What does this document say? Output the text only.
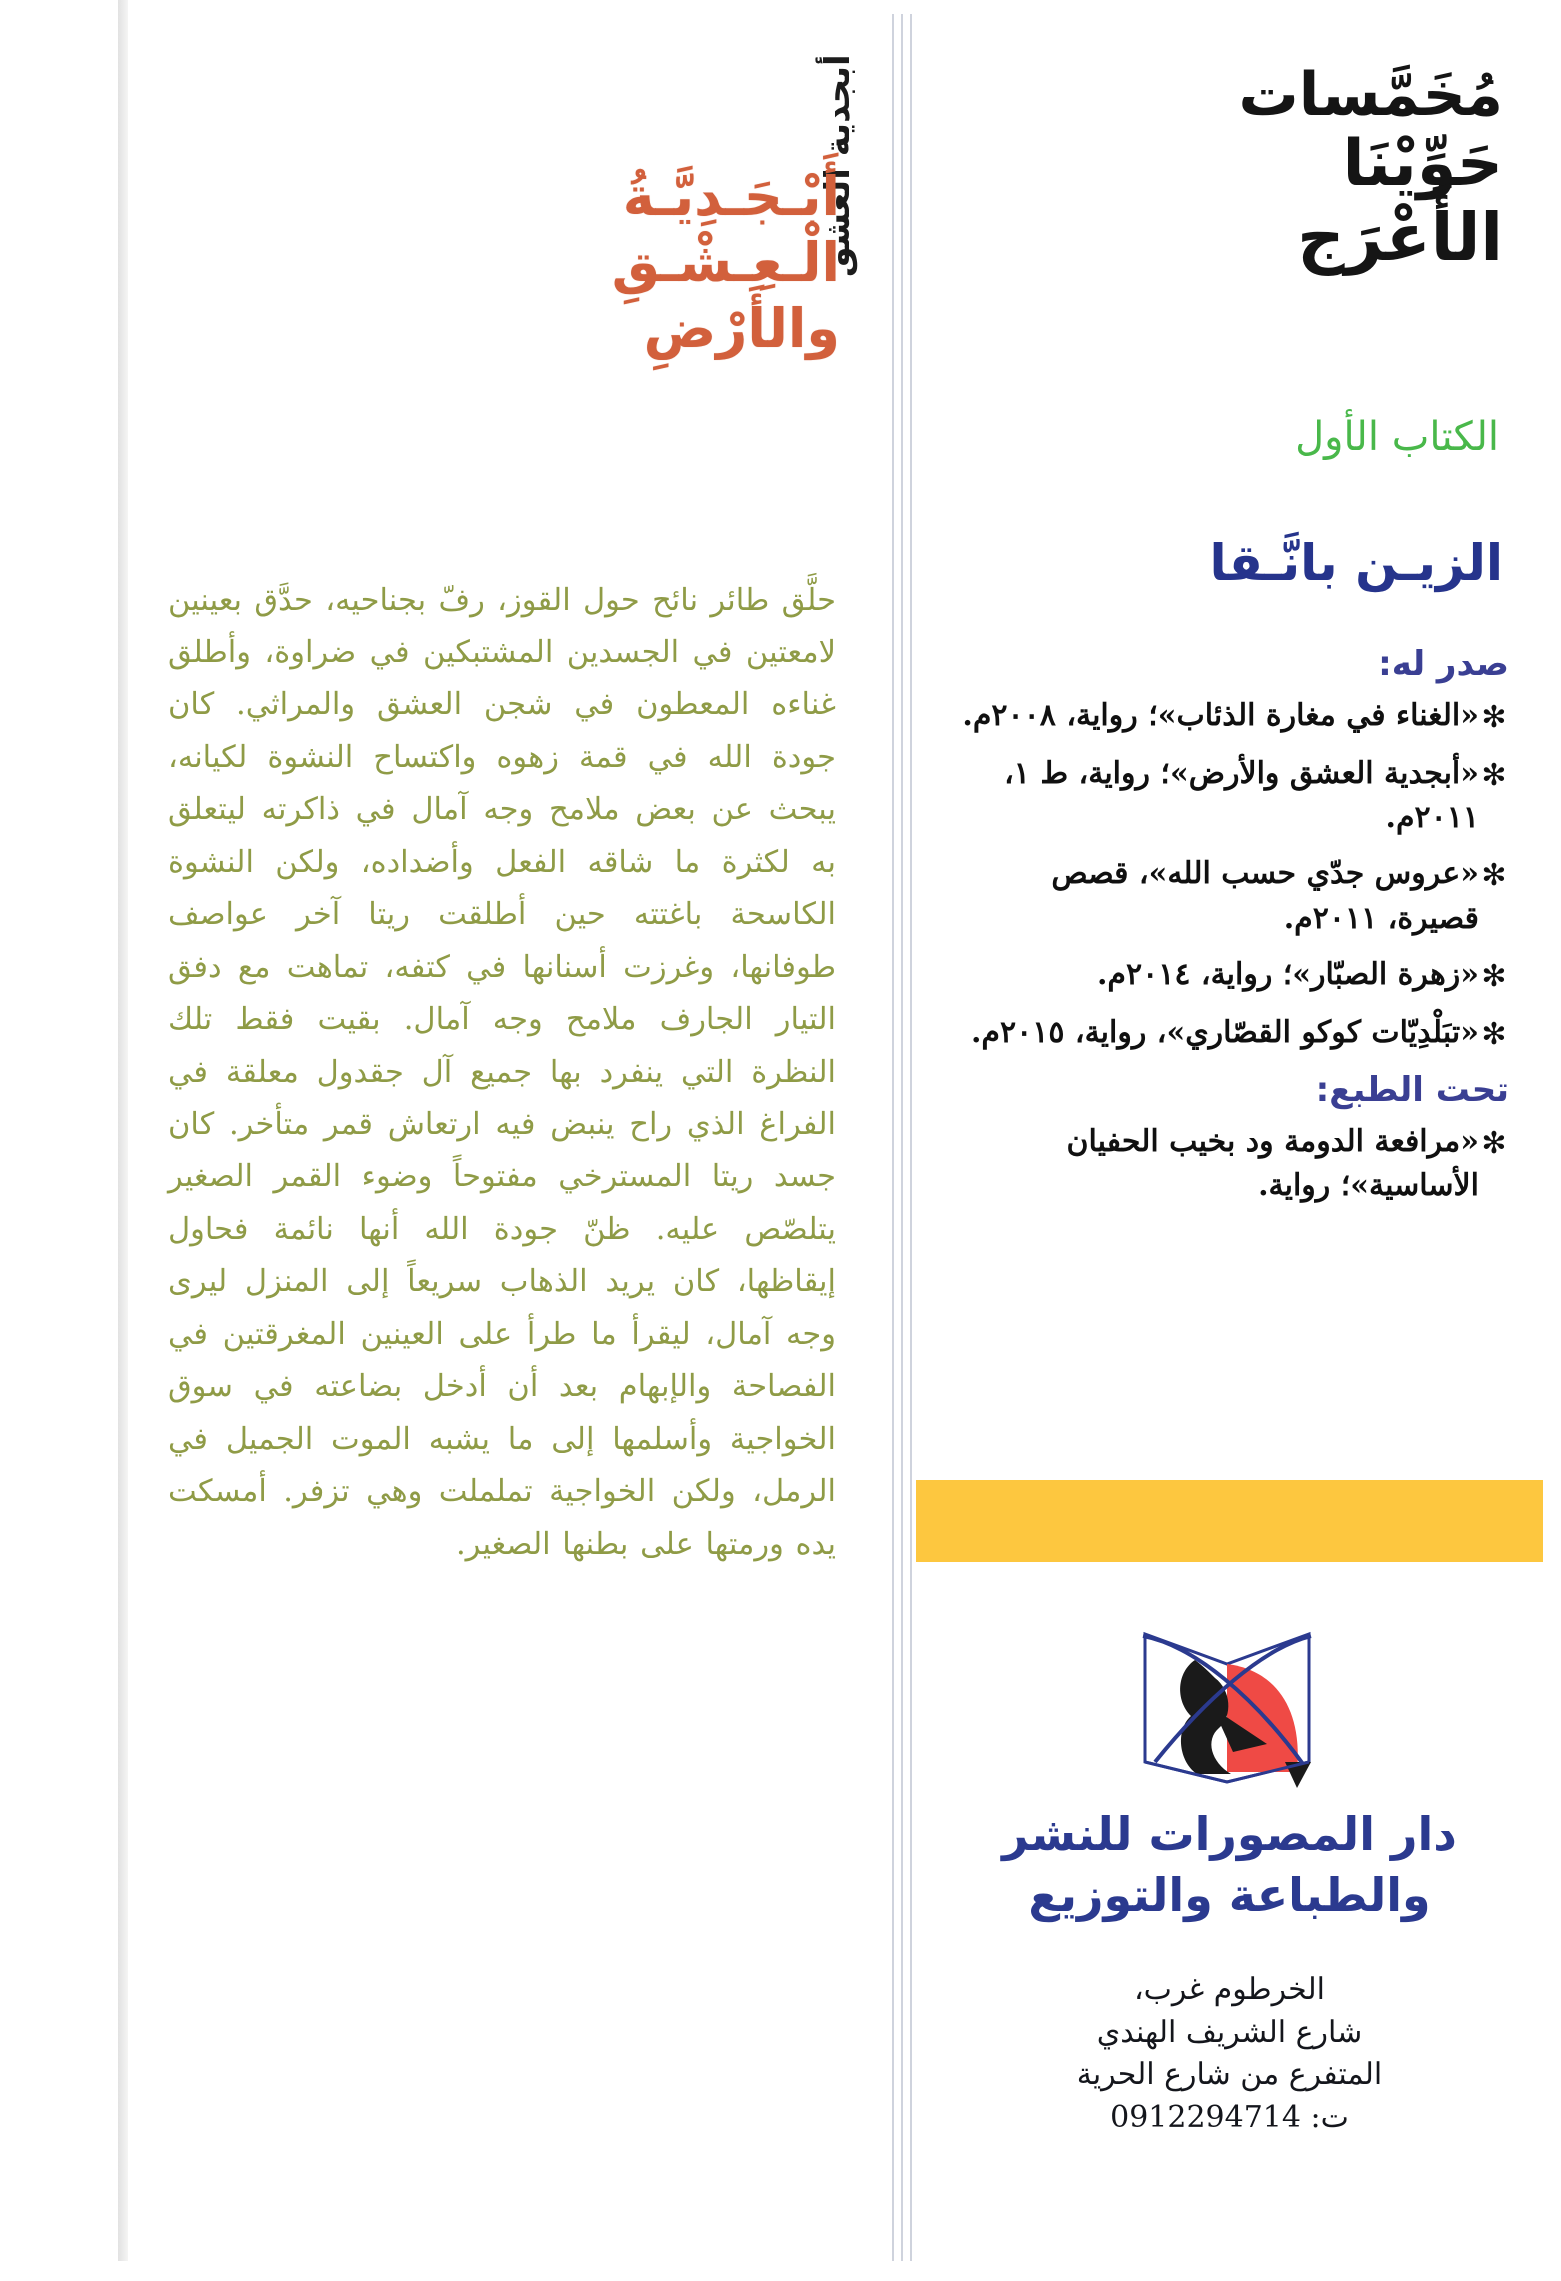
أبجدية العشق
أَبْـجَـدِيَّـةُ
الْـعِـشْـقِ
والأَرْضِ

حلَّق طائر نائح حول القوز، رفّ بجناحيه، حدَّق بعينين لامعتين في الجسدين المشتبكين في ضراوة، وأطلق غناءه المعطون في شجن العشق والمراثي. كان جودة الله في قمة زهوه واكتساح النشوة لكيانه، يبحث عن بعض ملامح وجه آمال في ذاكرته ليتعلق به لكثرة ما شاقه الفعل وأضداده، ولكن النشوة الكاسحة باغتته حين أطلقت ريتا آخر عواصف طوفانها، وغرزت أسنانها في كتفه، تماهت مع دفق التيار الجارف ملامح وجه آمال. بقيت فقط تلك النظرة التي ينفرد بها جميع آل جقدول معلقة في الفراغ الذي راح ينبض فيه ارتعاش قمر متأخر. كان جسد ريتا المسترخي مفتوحاً وضوء القمر الصغير يتلصّص عليه. ظنّ جودة الله أنها نائمة فحاول إيقاظها، كان يريد الذهاب سريعاً إلى المنزل ليرى وجه آمال، ليقرأ ما طرأ على العينين المغرقتين في الفصاحة والإبهام بعد أن أدخل بضاعته في سوق الخواجية وأسلمها إلى ما يشبه الموت الجميل في الرمل، ولكن الخواجية تململت وهي تزفر. أمسكت يده ورمتها على بطنها الصغير.

مُخَمَّسات
حَوِّيْنَا
الأَعْرَج
الكتاب الأول
الزيـن بانَّـقا
صدر له:
✻
«الغناء في مغارة الذئاب»؛ رواية، ٢٠٠٨م.
✻
«أبجدية العشق والأرض»؛ رواية، ط ١، ٢٠١١م.
✻
«عروس جدّي حسب الله»، قصص قصيرة، ٢٠١١م.
✻
«زهرة الصبّار»؛ رواية، ٢٠١٤م.
✻
«تبَلْدِيّات كوكو القصّاري»، رواية، ٢٠١٥م.
تحت الطبع:
✻
«مرافعة الدومة ود بخيب الحفيان الأساسية»؛ رواية.
دار المصورات للنشر
والطباعة والتوزيع
الخرطوم غرب،
شارع الشريف الهندي
المتفرع من شارع الحرية
ت: 0912294714
